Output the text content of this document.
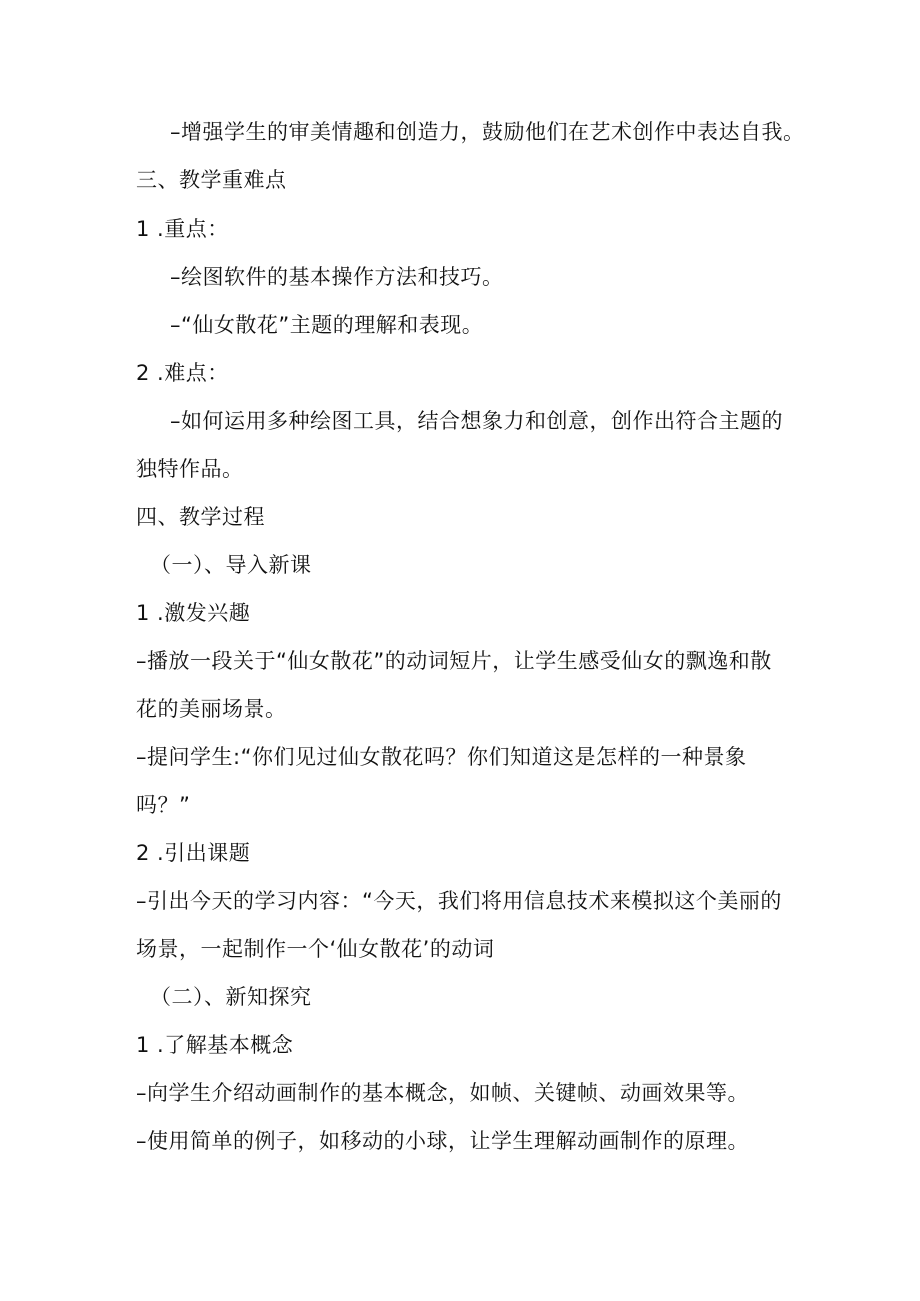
–增强学生的审美情趣和创造力，鼓励他们在艺术创作中表达自我。
三、教学重难点
1 .重点：
–绘图软件的基本操作方法和技巧。
–“仙女散花”主题的理解和表现。
2 .难点：
–如何运用多种绘图工具，结合想象力和创意，创作出符合主题的
独特作品。
四、教学过程
（一）、导入新课
1 .激发兴趣
–播放一段关于“仙女散花”的动词短片，让学生感受仙女的飘逸和散
花的美丽场景。
–提问学生:“你们见过仙女散花吗？你们知道这是怎样的一种景象
吗？”
2 .引出课题
–引出今天的学习内容：“今天，我们将用信息技术来模拟这个美丽的
场景，一起制作一个‘仙女散花’的动词
（二）、新知探究
1 .了解基本概念
–向学生介绍动画制作的基本概念，如帧、关键帧、动画效果等。
–使用简单的例子，如移动的小球，让学生理解动画制作的原理。
